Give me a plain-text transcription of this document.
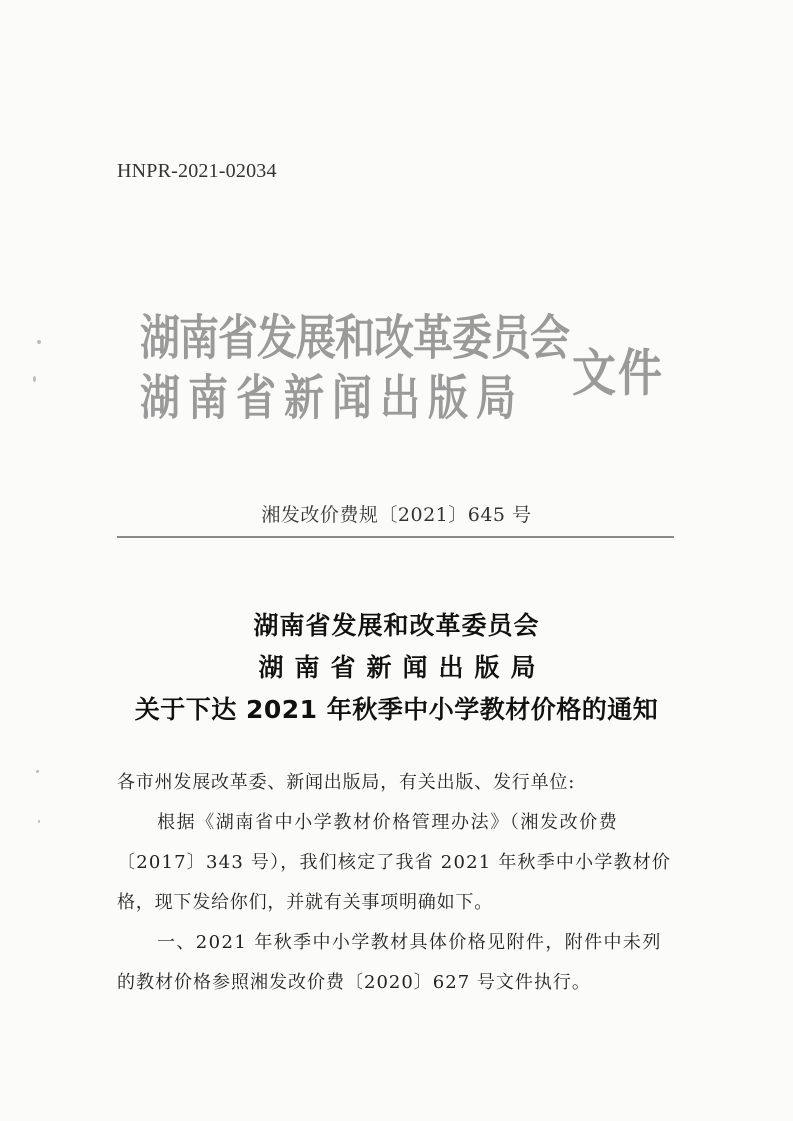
HNPR-2021-02034
湖南省发展和改革委员会
湖南省新闻出版局 文件
湘发改价费规〔2021〕645 号
湖南省发展和改革委员会
湖南省新闻出版局
关于下达 2021 年秋季中小学教材价格的通知
各市州发展改革委、新闻出版局，有关出版、发行单位:
根据《湖南省中小学教材价格管理办法》（湘发改价费
〔2017〕343 号），我们核定了我省 2021 年秋季中小学教材价
格，现下发给你们，并就有关事项明确如下。
一、2021 年秋季中小学教材具体价格见附件，附件中未列
的教材价格参照湘发改价费〔2020〕627 号文件执行。
